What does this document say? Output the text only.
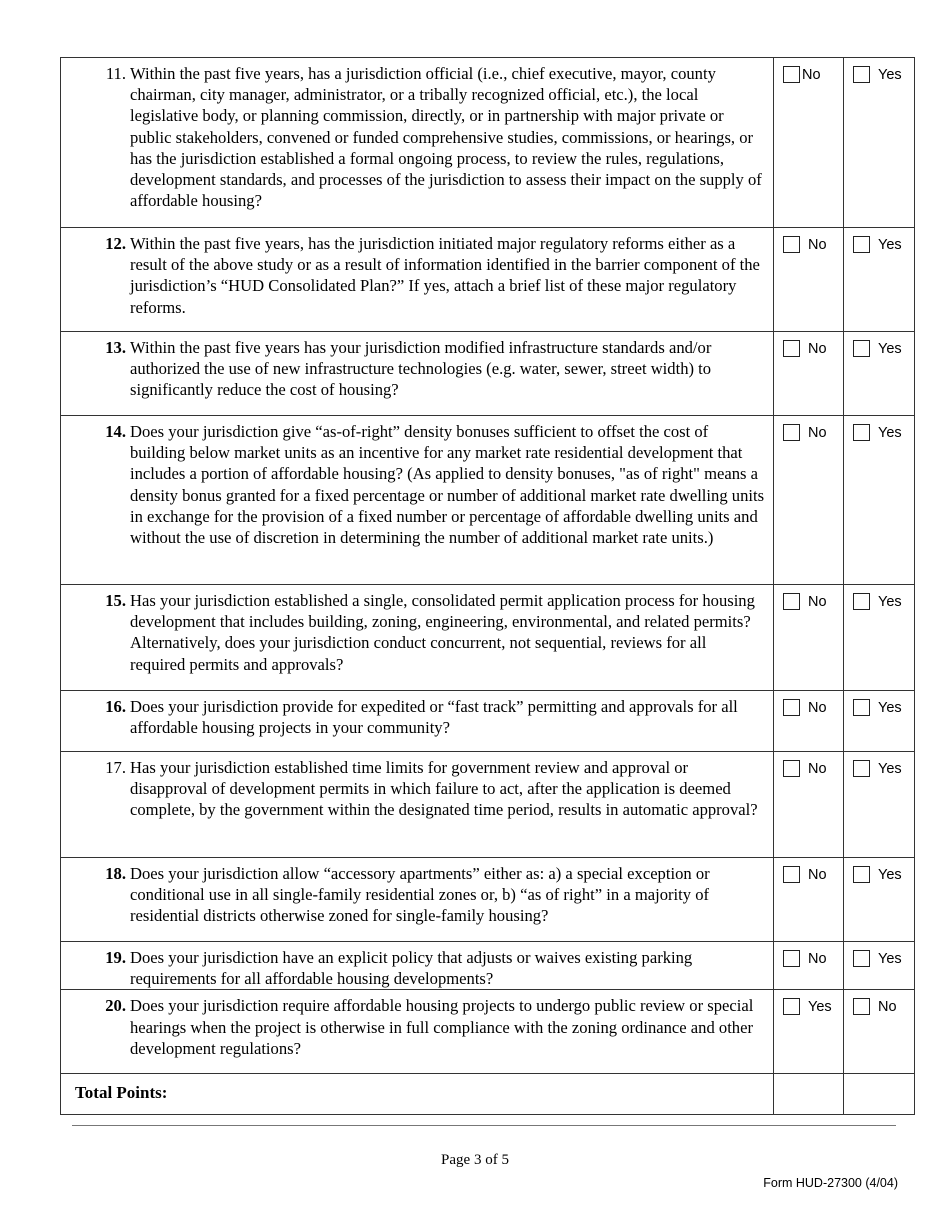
11. Within the past five years, has a jurisdiction official (i.e., chief executive, mayor, county chairman, city manager, administrator, or a tribally recognized official, etc.), the local legislative body, or planning commission, directly, or in partnership with major private or public stakeholders, convened or funded comprehensive studies, commissions, or hearings, or has the jurisdiction established a formal ongoing process, to review the rules, regulations, development standards, and processes of the jurisdiction to assess their impact on the supply of affordable housing?	No	Yes

12. Within the past five years, has the jurisdiction initiated major regulatory reforms either as a result of the above study or as a result of information identified in the barrier component of the jurisdiction’s “HUD Consolidated Plan?” If yes, attach a brief list of these major regulatory reforms.	No	Yes

13. Within the past five years has your jurisdiction modified infrastructure standards and/or authorized the use of new infrastructure technologies (e.g. water, sewer, street width) to significantly reduce the cost of housing?	No	Yes

14. Does your jurisdiction give “as-of-right” density bonuses sufficient to offset the cost of building below market units as an incentive for any market rate residential development that includes a portion of affordable housing? (As applied to density bonuses, "as of right" means a density bonus granted for a fixed percentage or number of additional market rate dwelling units in exchange for the provision of a fixed number or percentage of affordable dwelling units and without the use of discretion in determining the number of additional market rate units.)	No	Yes

15. Has your jurisdiction established a single, consolidated permit application process for housing development that includes building, zoning, engineering, environmental, and related permits? Alternatively, does your jurisdiction conduct concurrent, not sequential, reviews for all required permits and approvals?	No	Yes

16. Does your jurisdiction provide for expedited or “fast track” permitting and approvals for all affordable housing projects in your community?	No	Yes

17. Has your jurisdiction established time limits for government review and approval or disapproval of development permits in which failure to act, after the application is deemed complete, by the government within the designated time period, results in automatic approval?	No	Yes

18. Does your jurisdiction allow “accessory apartments” either as: a) a special exception or conditional use in all single-family residential zones or, b) “as of right” in a majority of residential districts otherwise zoned for single-family housing?	No	Yes

19. Does your jurisdiction have an explicit policy that adjusts or waives existing parking requirements for all affordable housing developments?	No	Yes

20. Does your jurisdiction require affordable housing projects to undergo public review or special hearings when the project is otherwise in full compliance with the zoning ordinance and other development regulations?	Yes	No

Total Points:		

Page 3 of 5
Form HUD-27300 (4/04)
